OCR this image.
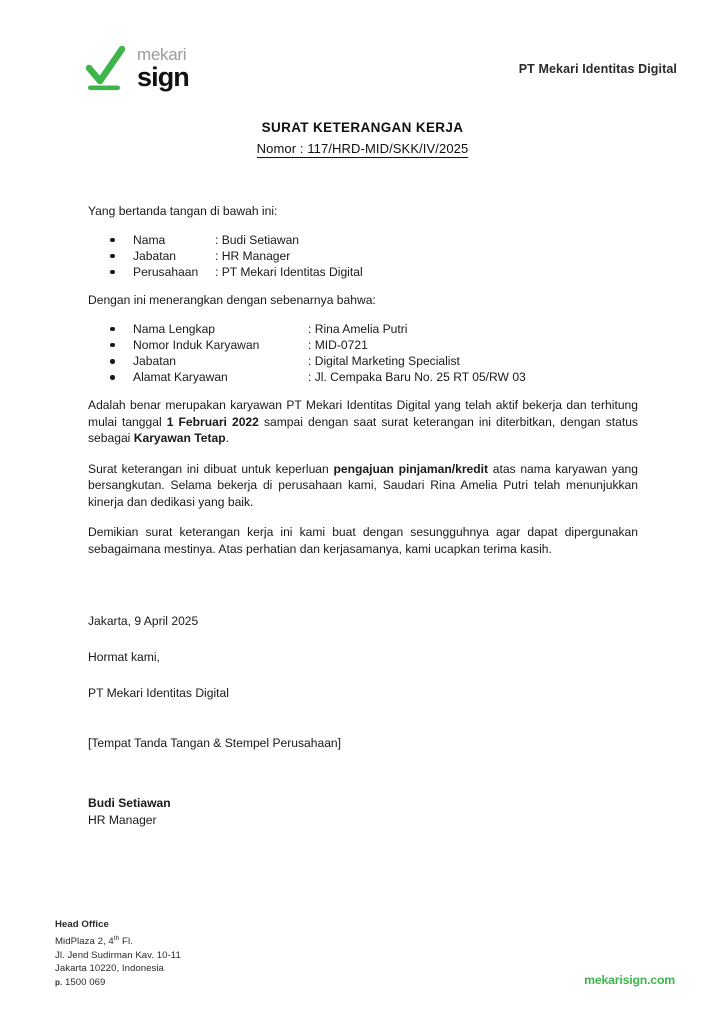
mekari
sign	PT Mekari Identitas Digital
SURAT KETERANGAN KERJA
Nomor : 117/HRD-MID/SKK/IV/2025

Yang bertanda tangan di bawah ini:

Nama	: Budi Setiawan
Jabatan	: HR Manager
Perusahaan	: PT Mekari Identitas Digital

Dengan ini menerangkan dengan sebenarnya bahwa:

Nama Lengkap	: Rina Amelia Putri
Nomor Induk Karyawan	: MID-0721
Jabatan	: Digital Marketing Specialist
Alamat Karyawan	: Jl. Cempaka Baru No. 25 RT 05/RW 03

Adalah benar merupakan karyawan PT Mekari Identitas Digital yang telah aktif bekerja dan terhitung mulai tanggal 1 Februari 2022 sampai dengan saat surat keterangan ini diterbitkan, dengan status sebagai Karyawan Tetap.

Surat keterangan ini dibuat untuk keperluan pengajuan pinjaman/kredit atas nama karyawan yang bersangkutan. Selama bekerja di perusahaan kami, Saudari Rina Amelia Putri telah menunjukkan kinerja dan dedikasi yang baik.

Demikian surat keterangan kerja ini kami buat dengan sesungguhnya agar dapat dipergunakan sebagaimana mestinya. Atas perhatian dan kerjasamanya, kami ucapkan terima kasih.

Jakarta, 9 April 2025
Hormat kami,
PT Mekari Identitas Digital
[Tempat Tanda Tangan & Stempel Perusahaan]
Budi Setiawan
HR Manager
Head Office
MidPlaza 2, 4th Fl.
Jl. Jend Sudirman Kav. 10-11
Jakarta 10220, Indonesia
p. 1500 069	mekarisign.com
